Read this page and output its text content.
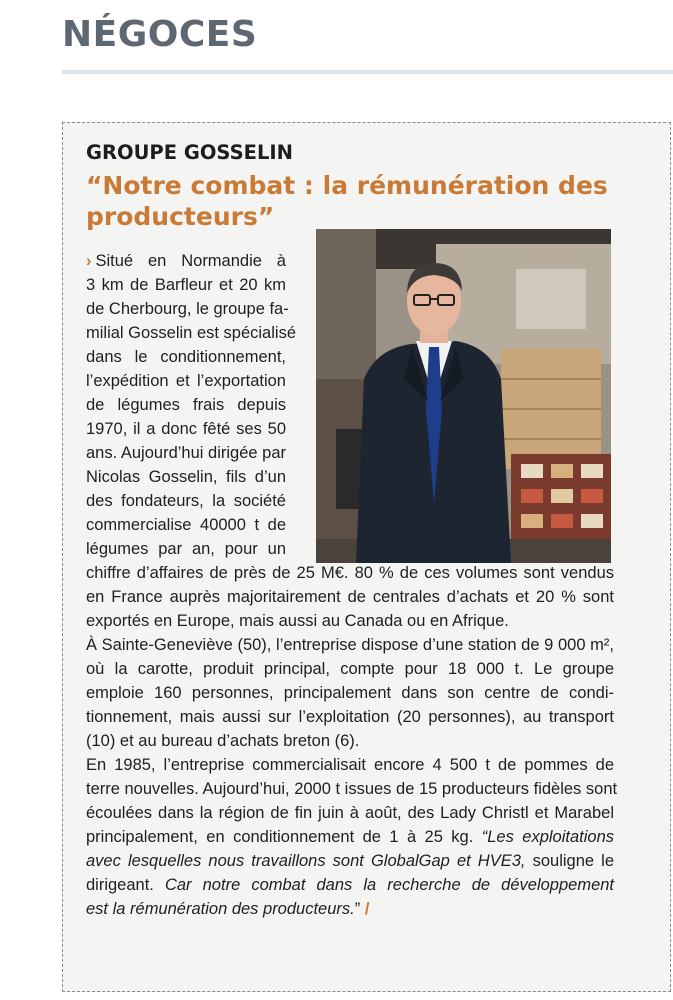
NÉGOCES
GROUPE GOSSELIN
“Notre combat : la rémunération des producteurs”

› Situé en Normandie à

3 km de Barfleur et 20 km

de Cherbourg, le groupe fa-

milial Gosselin est spécialisé

dans le conditionnement,

l’expédition et l’exportation

de légumes frais depuis

1970, il a donc fêté ses 50

ans. Aujourd’hui dirigée par

Nicolas Gosselin, fils d’un

des fondateurs, la société

commercialise 40000 t de

légumes par an, pour un

chiffre d’affaires de près de 25 M€. 80 % de ces volumes sont vendus

en France auprès majoritairement de centrales d’achats et 20 % sont

exportés en Europe, mais aussi au Canada ou en Afrique.

À Sainte-Geneviève (50), l’entreprise dispose d’une station de 9 000 m²,

où la carotte, produit principal, compte pour 18 000 t. Le groupe

emploie 160 personnes, principalement dans son centre de condi-

tionnement, mais aussi sur l’exploitation (20 personnes), au transport

(10) et au bureau d’achats breton (6).

En 1985, l’entreprise commercialisait encore 4 500 t de pommes de

terre nouvelles. Aujourd’hui, 2000 t issues de 15 producteurs fidèles sont

écoulées dans la région de fin juin à août, des Lady Christl et Marabel

principalement, en conditionnement de 1 à 25 kg. “Les exploitations

avec lesquelles nous travaillons sont GlobalGap et HVE3, souligne le

dirigeant. Car notre combat dans la recherche de développement

est la rémunération des producteurs.” /
